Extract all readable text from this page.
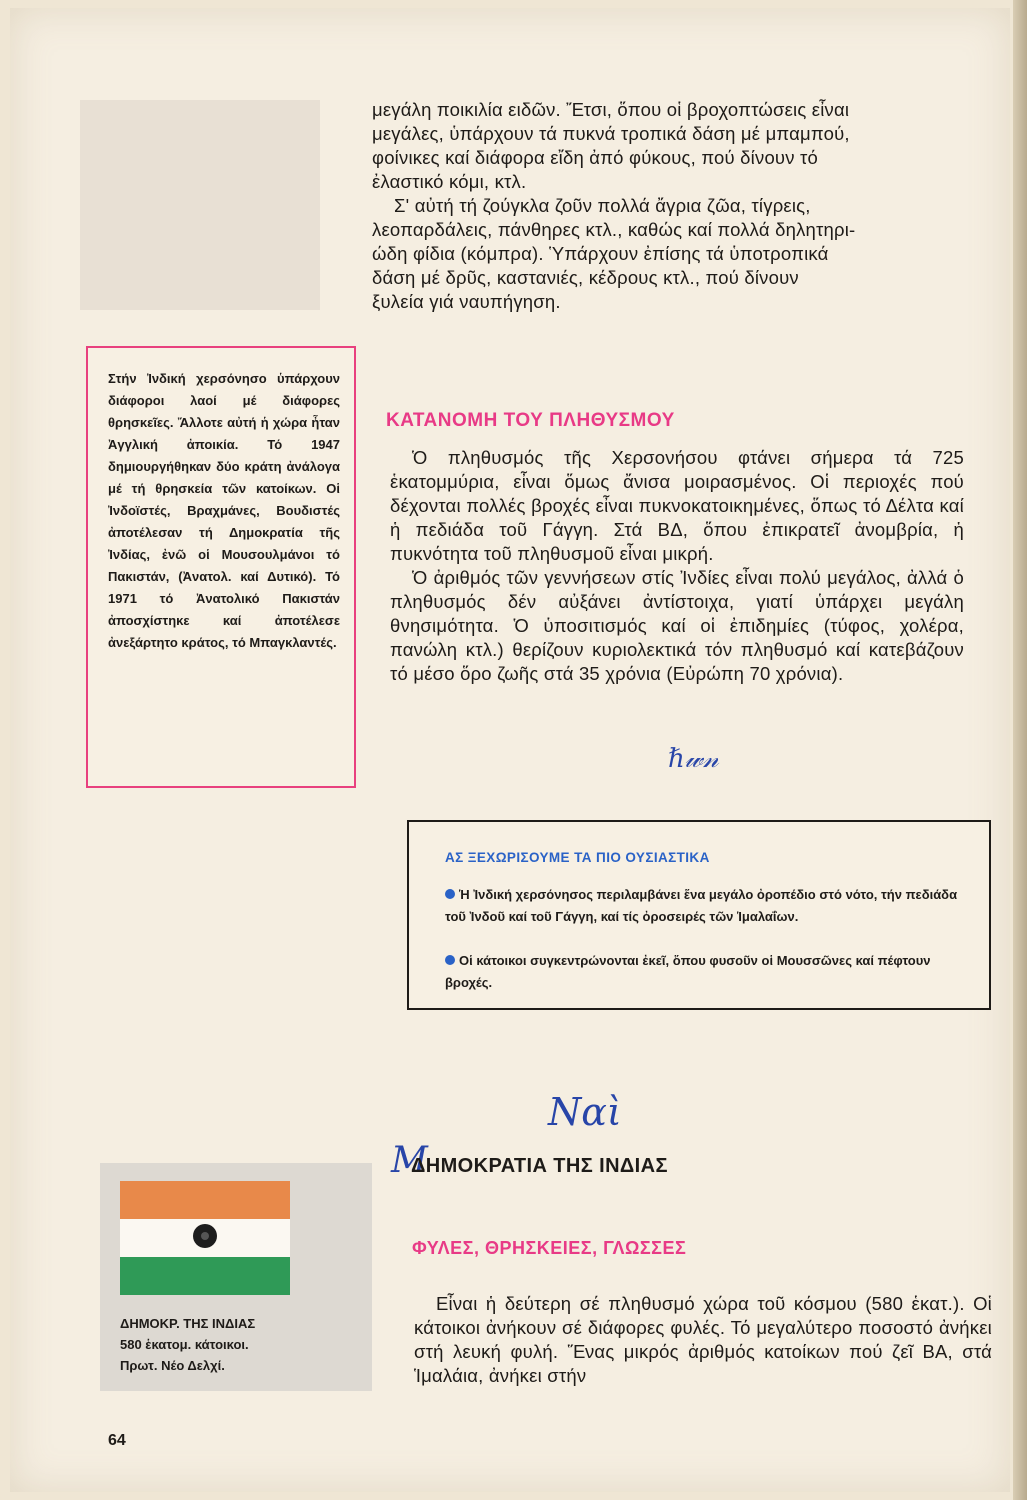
μεγάλη ποικιλία ειδῶν. Ἔτσι, ὅπου οἱ βροχοπτώσεις εἶναι

μεγάλες, ὑπάρχουν τά πυκνά τροπικά δάση μέ μπαμπού,

φοίνικες καί διάφορα εἴδη ἀπό φύκους, πού δίνουν τό

ἐλαστικό κόμι, κτλ.

Σ' αὐτή τή ζούγκλα ζοῦν πολλά ἄγρια ζῶα, τίγρεις,

λεοπαρδάλεις, πάνθηρες κτλ., καθώς καί πολλά δηλητηρι-

ώδη φίδια (κόμπρα). Ὑπάρχουν ἐπίσης τά ὑποτροπικά

δάση μέ δρῦς, καστανιές, κέδρους κτλ., πού δίνουν

ξυλεία γιά ναυπήγηση.

Στήν Ἰνδική χερσόνησο ὑπάρχουν διάφοροι λαοί μέ διάφορες θρησκεῖες. Ἄλλοτε αὐτή ἡ χώρα ἦταν Ἀγγλική ἀποικία. Τό 1947 δημιουργήθηκαν δύο κράτη ἀνάλογα μέ τή θρησκεία τῶν κατοίκων. Οἱ Ἰνδοϊστές, Βραχμάνες, Βουδιστές ἀποτέλεσαν τή Δημοκρατία τῆς Ἰνδίας, ἐνῶ οἱ Μουσουλμάνοι τό Πακιστάν, (Ἀνατολ. καί Δυτικό). Τό 1971 τό Ἀνατολικό Πακιστάν ἀποσχίστηκε καί ἀποτέλεσε ἀνεξάρτητο κράτος, τό Μπαγκλαντές.
ΚΑΤΑΝΟΜΗ ΤΟΥ ΠΛΗΘΥΣΜΟΥ

Ὁ πληθυσμός τῆς Χερσονήσου φτάνει σήμερα τά 725 ἑκατομμύρια, εἶναι ὅμως ἄνισα μοιρασμένος. Οἱ περιοχές πού δέχονται πολλές βροχές εἶναι πυκνοκατοικημένες, ὅπως τό Δέλτα καί ἡ πεδιάδα τοῦ Γάγγη. Στά ΒΔ, ὅπου ἐπικρατεῖ ἀνομβρία, ἡ πυκνότητα τοῦ πληθυσμοῦ εἶναι μικρή.

Ὁ ἀριθμός τῶν γεννήσεων στίς Ἰνδίες εἶναι πολύ μεγάλος, ἀλλά ὁ πληθυσμός δέν αὐξάνει ἀντίστοιχα, γιατί ὑπάρχει μεγάλη θνησιμότητα. Ὁ ὑποσιτισμός καί οἱ ἐπιδημίες (τύφος, χολέρα, πανώλη κτλ.) θερίζουν κυριολεκτικά τόν πληθυσμό καί κατεβάζουν τό μέσο ὅρο ζωῆς στά 35 χρόνια (Εὐρώπη 70 χρόνια).

ℏ𝓌𝓃
ΑΣ ΞΕΧΩΡΙΣΟΥΜΕ ΤΑ ΠΙΟ ΟΥΣΙΑΣΤΙΚΑ
Ἡ Ἰνδική χερσόνησος περιλαμβάνει ἕνα μεγάλο ὀροπέδιο στό νότο, τήν πεδιάδα τοῦ Ἰνδοῦ καί τοῦ Γάγγη, καί τίς ὀροσειρές τῶν Ἱμαλαΐων.
Οἱ κάτοικοι συγκεντρώνονται ἐκεῖ, ὅπου φυσοῦν οἱ Μουσσῶνες καί πέφτουν βροχές.
Ναὶ
M
ΔΗΜΟΚΡΑΤΙΑ ΤΗΣ ΙΝΔΙΑΣ
ΦΥΛΕΣ, ΘΡΗΣΚΕΙΕΣ, ΓΛΩΣΣΕΣ

Εἶναι ἡ δεύτερη σέ πληθυσμό χώρα τοῦ κόσμου (580 ἑκατ.). Οἱ κάτοικοι ἀνήκουν σέ διάφορες φυλές. Τό μεγαλύτερο ποσοστό ἀνήκει στή λευκή φυλή. Ἕνας μικρός ἀριθμός κατοίκων πού ζεῖ ΒΑ, στά Ἱμαλάια, ἀνήκει στήν

ΔΗΜΟΚΡ. ΤΗΣ ΙΝΔΙΑΣ
580 ἑκατομ. κάτοικοι.
Πρωτ. Νέο Δελχί.
64
